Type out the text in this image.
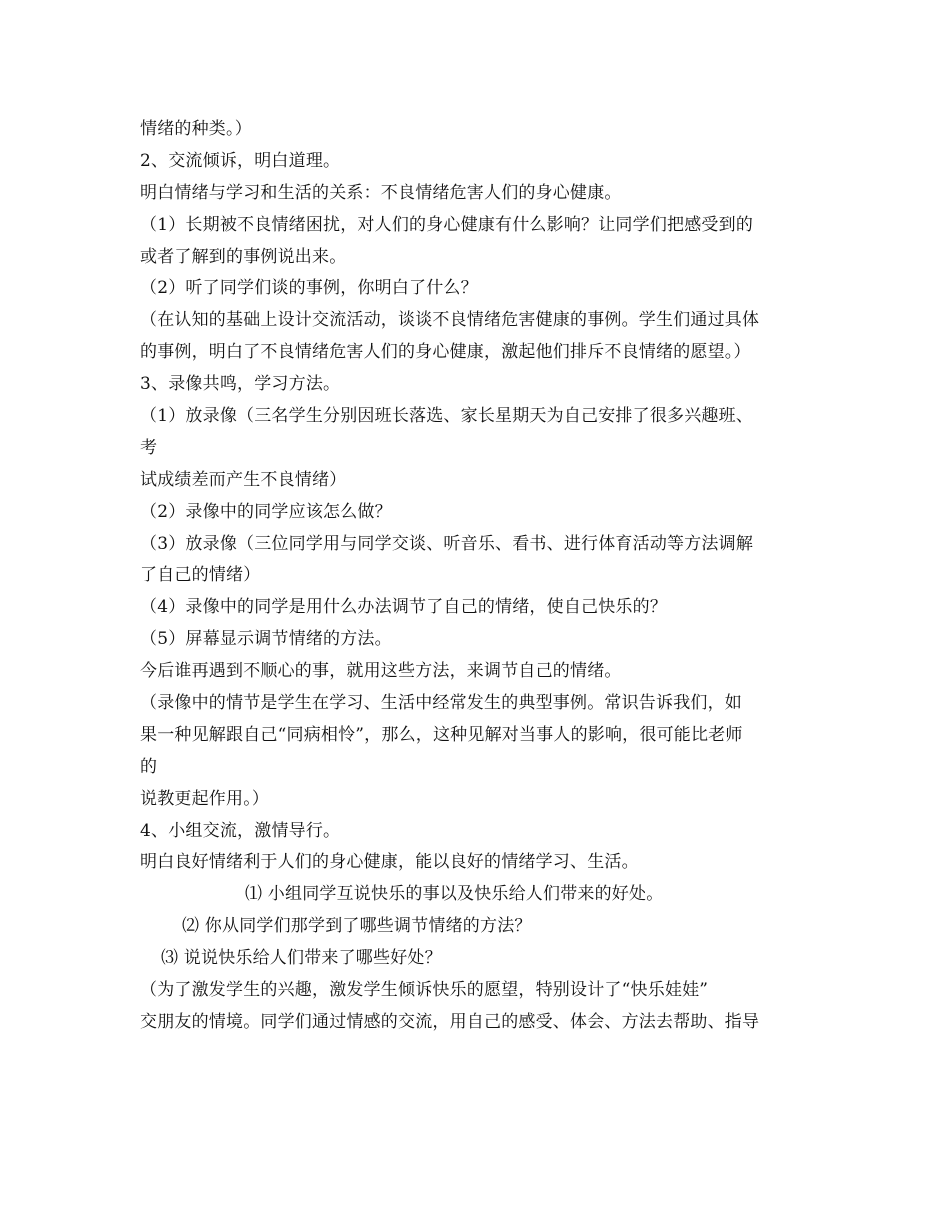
情绪的种类。）
2、交流倾诉，明白道理。
明白情绪与学习和生活的关系：不良情绪危害人们的身心健康。
（1）长期被不良情绪困扰，对人们的身心健康有什么影响？让同学们把感受到的
或者了解到的事例说出来。
（2）听了同学们谈的事例，你明白了什么？
（在认知的基础上设计交流活动，谈谈不良情绪危害健康的事例。学生们通过具体
的事例，明白了不良情绪危害人们的身心健康，激起他们排斥不良情绪的愿望。）
3、录像共鸣，学习方法。
（1）放录像（三名学生分别因班长落选、家长星期天为自己安排了很多兴趣班、
考
试成绩差而产生不良情绪）
（2）录像中的同学应该怎么做？
（3）放录像（三位同学用与同学交谈、听音乐、看书、进行体育活动等方法调解
了自己的情绪）
（4）录像中的同学是用什么办法调节了自己的情绪，使自己快乐的？
（5）屏幕显示调节情绪的方法。
今后谁再遇到不顺心的事，就用这些方法，来调节自己的情绪。
（录像中的情节是学生在学习、生活中经常发生的典型事例。常识告诉我们，如
果一种见解跟自己“同病相怜”，那么，这种见解对当事人的影响，很可能比老师
的
说教更起作用。）
4、小组交流，激情导行。
明白良好情绪利于人们的身心健康，能以良好的情绪学习、生活。
⑴ 小组同学互说快乐的事以及快乐给人们带来的好处。
⑵ 你从同学们那学到了哪些调节情绪的方法？
⑶ 说说快乐给人们带来了哪些好处？
（为了激发学生的兴趣，激发学生倾诉快乐的愿望，特别设计了“快乐娃娃”
交朋友的情境。同学们通过情感的交流，用自己的感受、体会、方法去帮助、指导
